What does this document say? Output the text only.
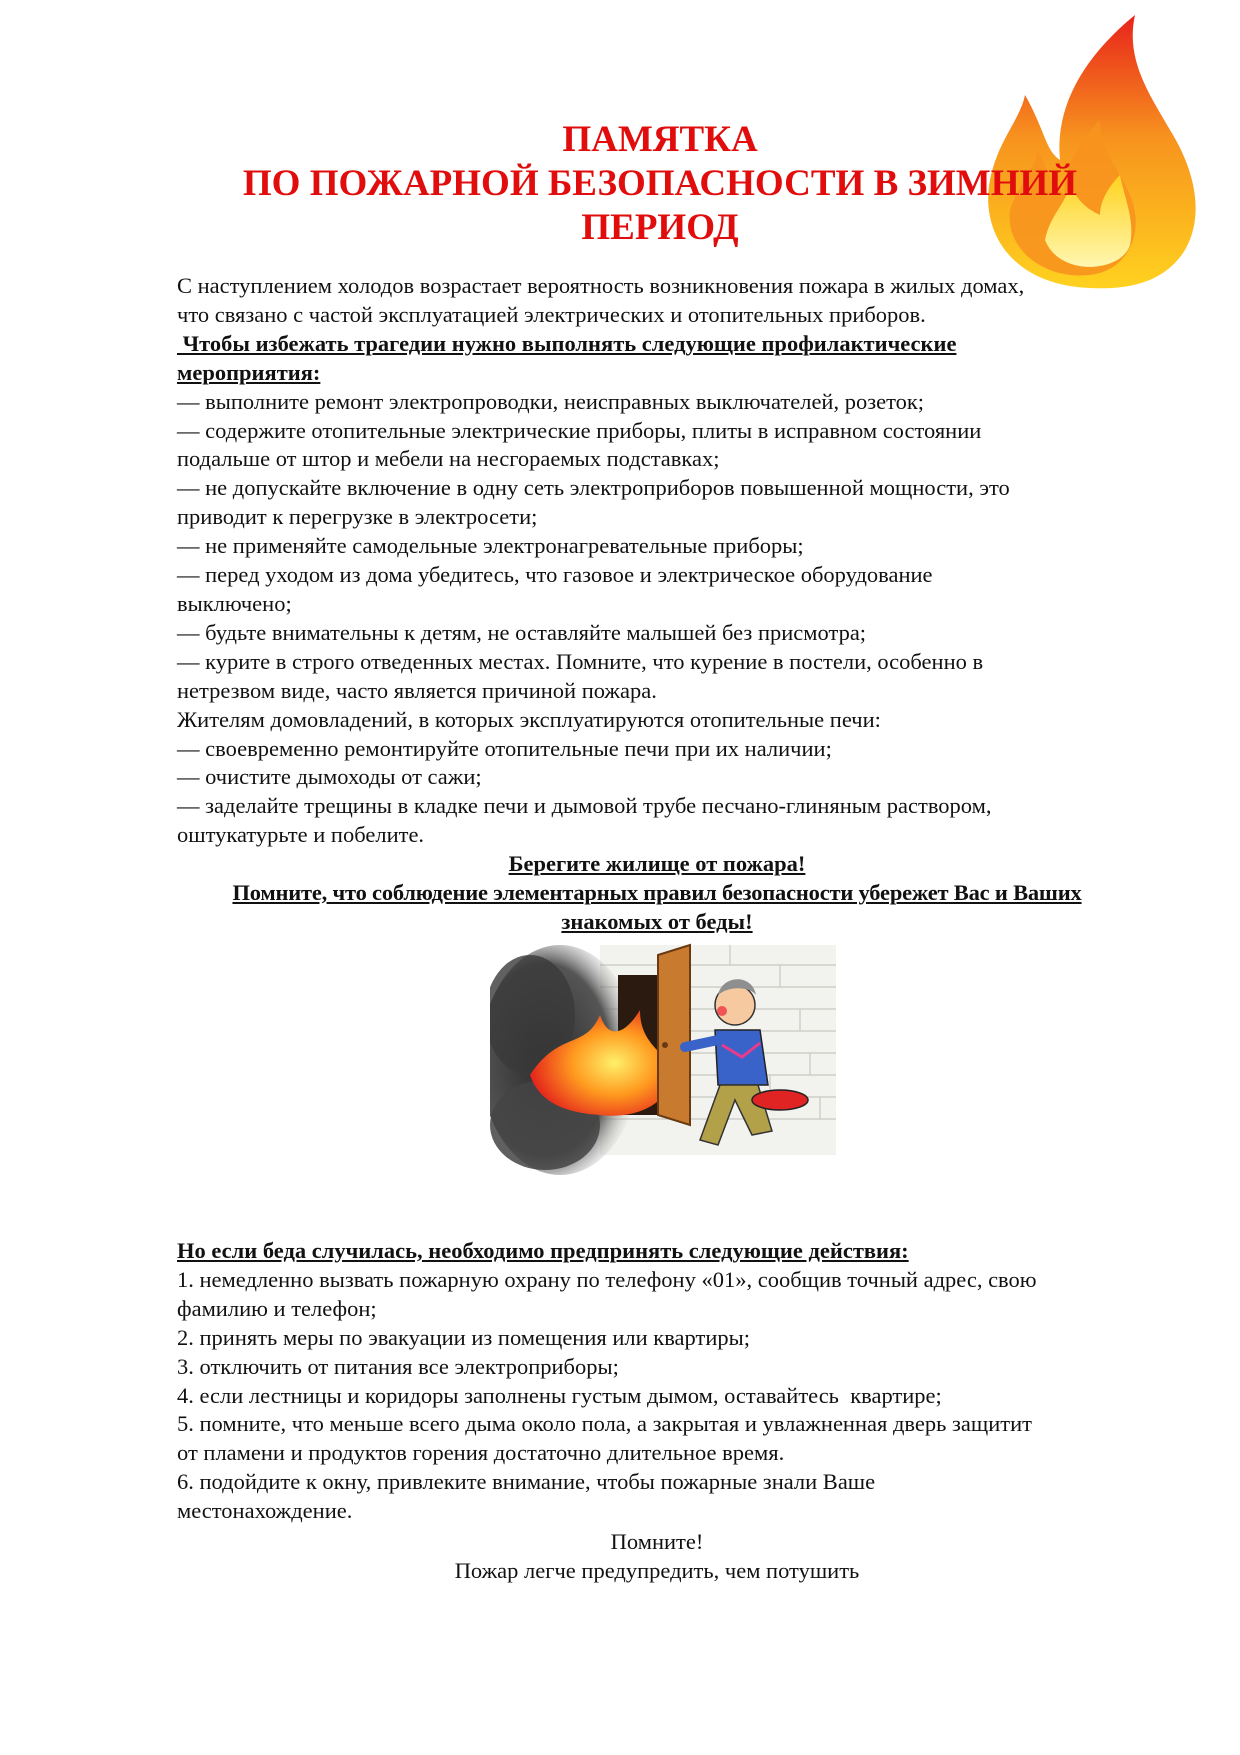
ПАМЯТКА
ПО ПОЖАРНОЙ БЕЗОПАСНОСТИ В ЗИМНИЙ
ПЕРИОД

С наступлением холодов возрастает вероятность возникновения пожара в жилых домах,

что связано с частой эксплуатацией электрических и отопительных приборов.

Чтобы избежать трагедии нужно выполнять следующие профилактические

мероприятия:

— выполните ремонт электропроводки, неисправных выключателей, розеток;

— содержите отопительные электрические приборы, плиты в исправном состоянии

подальше от штор и мебели на несгораемых подставках;

— не допускайте включение в одну сеть электроприборов повышенной мощности, это

приводит к перегрузке в электросети;

— не применяйте самодельные электронагревательные приборы;

— перед уходом из дома убедитесь, что газовое и электрическое оборудование

выключено;

— будьте внимательны к детям, не оставляйте малышей без присмотра;

— курите в строго отведенных местах. Помните, что курение в постели, особенно в

нетрезвом виде, часто является причиной пожара.

Жителям домовладений, в которых эксплуатируются отопительные печи:

— своевременно ремонтируйте отопительные печи при их наличии;

— очистите дымоходы от сажи;

— заделайте трещины в кладке печи и дымовой трубе песчано-глиняным раствором,

оштукатурьте и побелите.

Берегите жилище от пожара!

Помните, что соблюдение элементарных правил безопасности убережет Вас и Ваших

знакомых от беды!

Но если беда случилась, необходимо предпринять следующие действия:

1. немедленно вызвать пожарную охрану по телефону «01», сообщив точный адрес, свою

фамилию и телефон;

2. принять меры по эвакуации из помещения или квартиры;

3. отключить от питания все электроприборы;

4. если лестницы и коридоры заполнены густым дымом, оставайтесь  квартире;

5. помните, что меньше всего дыма около пола, а закрытая и увлажненная дверь защитит

от пламени и продуктов горения достаточно длительное время.

6. подойдите к окну, привлеките внимание, чтобы пожарные знали Ваше

местонахождение.

Помните!

Пожар легче предупредить, чем потушить
